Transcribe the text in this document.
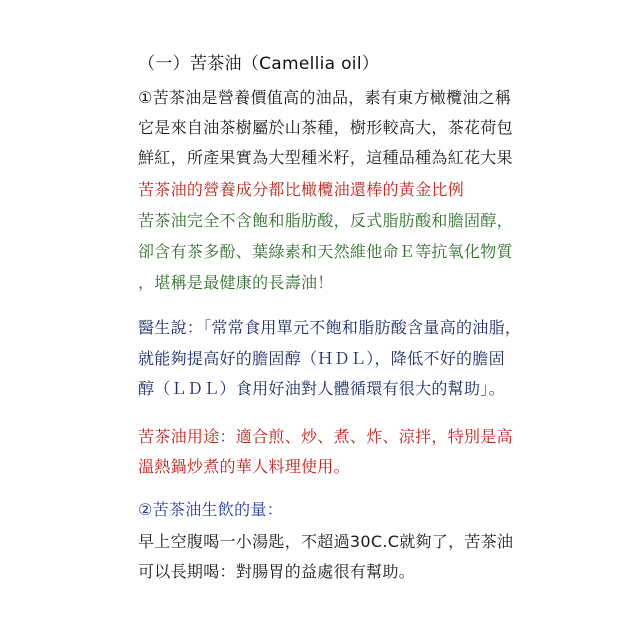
（一）苦茶油（Camellia oil）
①苦茶油是營養價值高的油品，素有東方橄欖油之稱
它是來自油茶樹屬於山茶種，樹形較高大，茶花荷包
鮮紅，所產果實為大型種米籽，這種品種為紅花大果
苦茶油的營養成分都比橄欖油還棒的黃金比例
苦茶油完全不含飽和脂肪酸，反式脂肪酸和膽固醇，
卻含有茶多酚、葉綠素和天然維他命Ｅ等抗氧化物質
，堪稱是最健康的長壽油！
醫生說：「常常食用單元不飽和脂肪酸含量高的油脂，
就能夠提高好的膽固醇（ＨＤＬ），降低不好的膽固
醇（ＬＤＬ）食用好油對人體循環有很大的幫助」。
苦茶油用途：適合煎、炒、煮、炸、涼拌，特別是高
溫熱鍋炒煮的華人料理使用。
②苦茶油生飲的量：
早上空腹喝一小湯匙，不超過30C.C就夠了，苦茶油
可以長期喝：對腸胃的益處很有幫助。
